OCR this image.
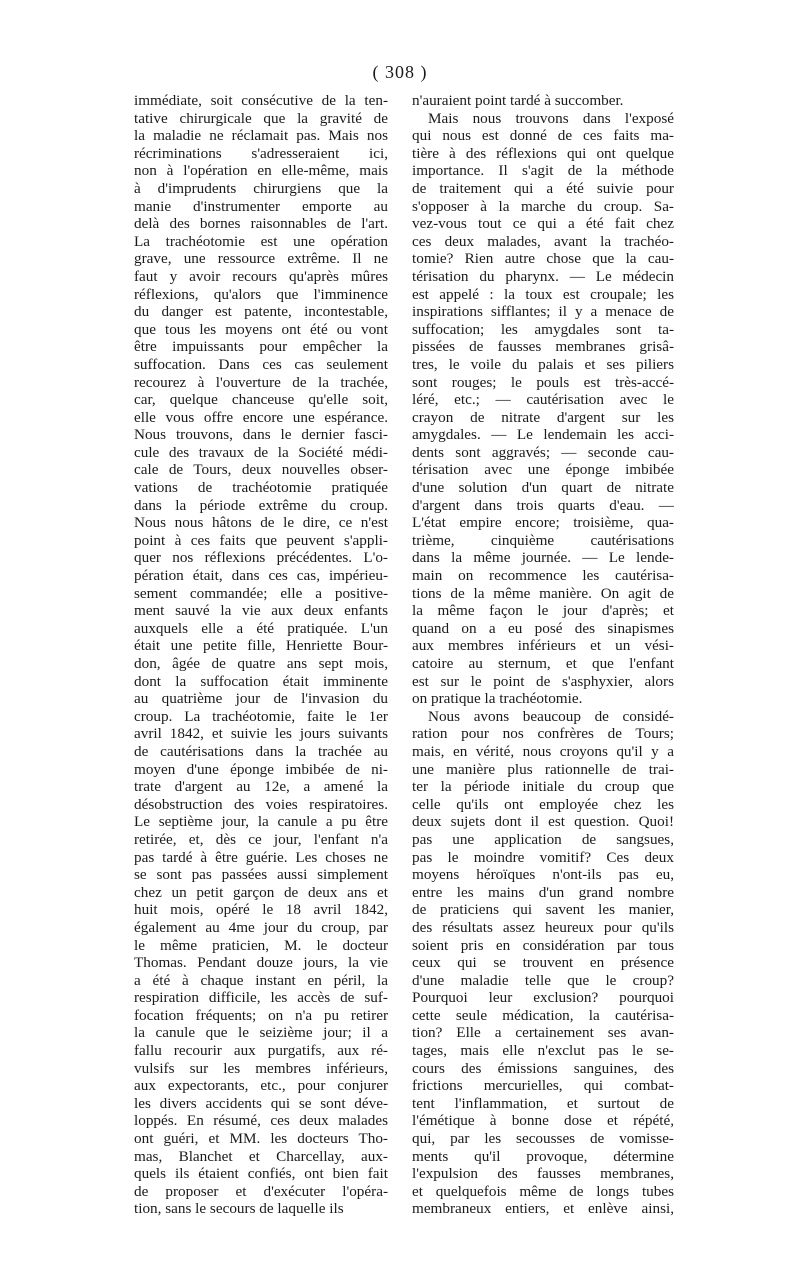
( 308 )
immédiate, soit consécutive de la ten-
tative chirurgicale que la gravité de
la maladie ne réclamait pas. Mais nos
récriminations s'adresseraient ici,
non à l'opération en elle-même, mais
à d'imprudents chirurgiens que la
manie d'instrumenter emporte au
delà des bornes raisonnables de l'art.
La trachéotomie est une opération
grave, une ressource extrême. Il ne
faut y avoir recours qu'après mûres
réflexions, qu'alors que l'imminence
du danger est patente, incontestable,
que tous les moyens ont été ou vont
être impuissants pour empêcher la
suffocation. Dans ces cas seulement
recourez à l'ouverture de la trachée,
car, quelque chanceuse qu'elle soit,
elle vous offre encore une espérance.
Nous trouvons, dans le dernier fasci-
cule des travaux de la Société médi-
cale de Tours, deux nouvelles obser-
vations de trachéotomie pratiquée
dans la période extrême du croup.
Nous nous hâtons de le dire, ce n'est
point à ces faits que peuvent s'appli-
quer nos réflexions précédentes. L'o-
pération était, dans ces cas, impérieu-
sement commandée; elle a positive-
ment sauvé la vie aux deux enfants
auxquels elle a été pratiquée. L'un
était une petite fille, Henriette Bour-
don, âgée de quatre ans sept mois,
dont la suffocation était imminente
au quatrième jour de l'invasion du
croup. La trachéotomie, faite le 1er
avril 1842, et suivie les jours suivants
de cautérisations dans la trachée au
moyen d'une éponge imbibée de ni-
trate d'argent au 12e, a amené la
désobstruction des voies respiratoires.
Le septième jour, la canule a pu être
retirée, et, dès ce jour, l'enfant n'a
pas tardé à être guérie. Les choses ne
se sont pas passées aussi simplement
chez un petit garçon de deux ans et
huit mois, opéré le 18 avril 1842,
également au 4me jour du croup, par
le même praticien, M. le docteur
Thomas. Pendant douze jours, la vie
a été à chaque instant en péril, la
respiration difficile, les accès de suf-
focation fréquents; on n'a pu retirer
la canule que le seizième jour; il a
fallu recourir aux purgatifs, aux ré-
vulsifs sur les membres inférieurs,
aux expectorants, etc., pour conjurer
les divers accidents qui se sont déve-
loppés. En résumé, ces deux malades
ont guéri, et MM. les docteurs Tho-
mas, Blanchet et Charcellay, aux-
quels ils étaient confiés, ont bien fait
de proposer et d'exécuter l'opéra-
tion, sans le secours de laquelle ils
n'auraient point tardé à succomber.
Mais nous trouvons dans l'exposé
qui nous est donné de ces faits ma-
tière à des réflexions qui ont quelque
importance. Il s'agit de la méthode
de traitement qui a été suivie pour
s'opposer à la marche du croup. Sa-
vez-vous tout ce qui a été fait chez
ces deux malades, avant la trachéo-
tomie? Rien autre chose que la cau-
térisation du pharynx. — Le médecin
est appelé : la toux est croupale; les
inspirations sifflantes; il y a menace de
suffocation; les amygdales sont ta-
pissées de fausses membranes grisâ-
tres, le voile du palais et ses piliers
sont rouges; le pouls est très-accé-
léré, etc.; — cautérisation avec le
crayon de nitrate d'argent sur les
amygdales. — Le lendemain les acci-
dents sont aggravés; — seconde cau-
térisation avec une éponge imbibée
d'une solution d'un quart de nitrate
d'argent dans trois quarts d'eau. —
L'état empire encore; troisième, qua-
trième, cinquième cautérisations
dans la même journée. — Le lende-
main on recommence les cautérisa-
tions de la même manière. On agit de
la même façon le jour d'après; et
quand on a eu posé des sinapismes
aux membres inférieurs et un vési-
catoire au sternum, et que l'enfant
est sur le point de s'asphyxier, alors
on pratique la trachéotomie.
Nous avons beaucoup de considé-
ration pour nos confrères de Tours;
mais, en vérité, nous croyons qu'il y a
une manière plus rationnelle de trai-
ter la période initiale du croup que
celle qu'ils ont employée chez les
deux sujets dont il est question. Quoi!
pas une application de sangsues,
pas le moindre vomitif? Ces deux
moyens héroïques n'ont-ils pas eu,
entre les mains d'un grand nombre
de praticiens qui savent les manier,
des résultats assez heureux pour qu'ils
soient pris en considération par tous
ceux qui se trouvent en présence
d'une maladie telle que le croup?
Pourquoi leur exclusion? pourquoi
cette seule médication, la cautérisa-
tion? Elle a certainement ses avan-
tages, mais elle n'exclut pas le se-
cours des émissions sanguines, des
frictions mercurielles, qui combat-
tent l'inflammation, et surtout de
l'émétique à bonne dose et répété,
qui, par les secousses de vomisse-
ments qu'il provoque, détermine
l'expulsion des fausses membranes,
et quelquefois même de longs tubes
membraneux entiers, et enlève ainsi,
